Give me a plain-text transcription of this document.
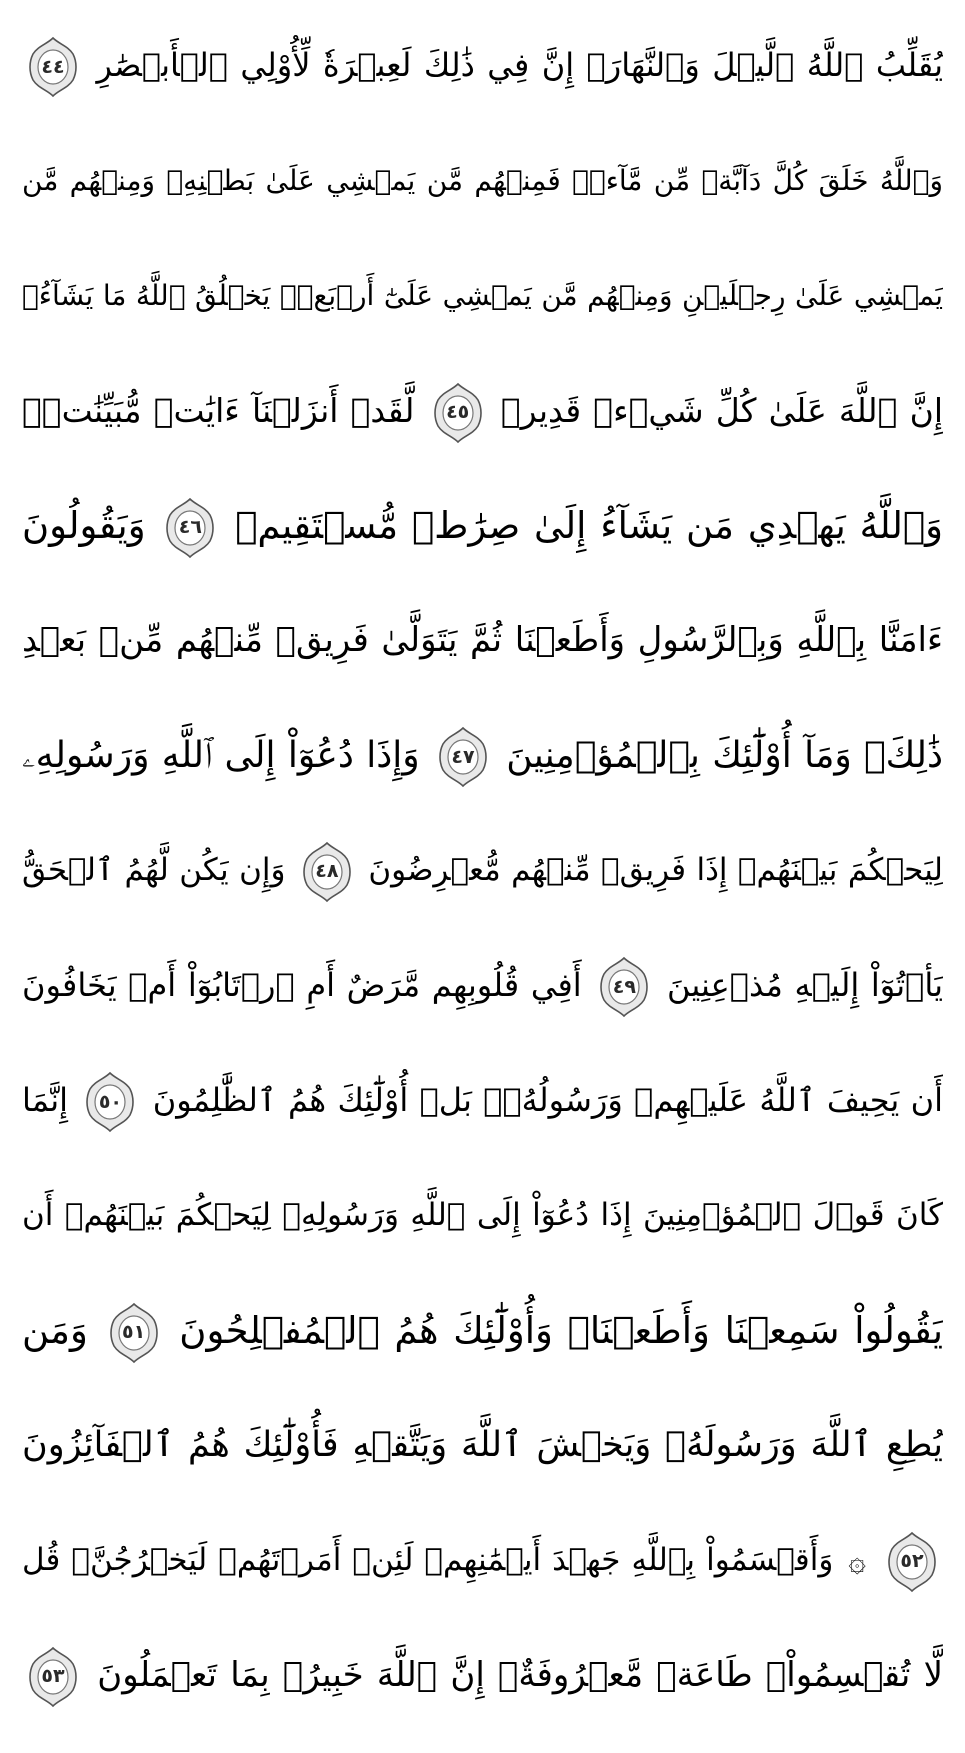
يُقَلِّبُ ٱللَّهُ ٱلَّيۡلَ وَٱلنَّهَارَۚ إِنَّ فِي ذَٰلِكَ لَعِبۡرَةٗ لِّأُوْلِي ٱلۡأَبۡصَٰرِ
٤٤
وَٱللَّهُ خَلَقَ كُلَّ دَآبَّةٖ مِّن مَّآءٖۖ فَمِنۡهُم مَّن يَمۡشِي عَلَىٰ بَطۡنِهِۦ وَمِنۡهُم مَّن
يَمۡشِي عَلَىٰ رِجۡلَيۡنِ وَمِنۡهُم مَّن يَمۡشِي عَلَىٰٓ أَرۡبَعٖۚ يَخۡلُقُ ٱللَّهُ مَا يَشَآءُۚ
إِنَّ ٱللَّهَ عَلَىٰ كُلِّ شَيۡءٖ قَدِيرٞ
٤٥
لَّقَدۡ أَنزَلۡنَآ ءَايَٰتٖ مُّبَيِّنَٰتٖۚ
وَٱللَّهُ يَهۡدِي مَن يَشَآءُ إِلَىٰ صِرَٰطٖ مُّسۡتَقِيمٖ
٤٦
وَيَقُولُونَ
ءَامَنَّا بِٱللَّهِ وَبِٱلرَّسُولِ وَأَطَعۡنَا ثُمَّ يَتَوَلَّىٰ فَرِيقٞ مِّنۡهُم مِّنۢ بَعۡدِ
ذَٰلِكَۚ وَمَآ أُوْلَٰٓئِكَ بِٱلۡمُؤۡمِنِينَ
٤٧
وَإِذَا دُعُوٓاْ إِلَى ٱللَّهِ وَرَسُولِهِۦ
لِيَحۡكُمَ بَيۡنَهُمۡ إِذَا فَرِيقٞ مِّنۡهُم مُّعۡرِضُونَ
٤٨
وَإِن يَكُن لَّهُمُ ٱلۡحَقُّ
يَأۡتُوٓاْ إِلَيۡهِ مُذۡعِنِينَ
٤٩
أَفِي قُلُوبِهِم مَّرَضٌ أَمِ ٱرۡتَابُوٓاْ أَمۡ يَخَافُونَ
أَن يَحِيفَ ٱللَّهُ عَلَيۡهِمۡ وَرَسُولُهُۥۚ بَلۡ أُوْلَٰٓئِكَ هُمُ ٱلظَّٰلِمُونَ
٥٠
إِنَّمَا
كَانَ قَوۡلَ ٱلۡمُؤۡمِنِينَ إِذَا دُعُوٓاْ إِلَى ٱللَّهِ وَرَسُولِهِۦ لِيَحۡكُمَ بَيۡنَهُمۡ أَن
يَقُولُواْ سَمِعۡنَا وَأَطَعۡنَاۚ وَأُوْلَٰٓئِكَ هُمُ ٱلۡمُفۡلِحُونَ
٥١
وَمَن
يُطِعِ ٱللَّهَ وَرَسُولَهُۥ وَيَخۡشَ ٱللَّهَ وَيَتَّقۡهِ فَأُوْلَٰٓئِكَ هُمُ ٱلۡفَآئِزُونَ
٥٢
۞ وَأَقۡسَمُواْ بِٱللَّهِ جَهۡدَ أَيۡمَٰنِهِمۡ لَئِنۡ أَمَرۡتَهُمۡ لَيَخۡرُجُنَّۖ قُل
لَّا تُقۡسِمُواْۖ طَاعَةٞ مَّعۡرُوفَةٌۚ إِنَّ ٱللَّهَ خَبِيرُۢ بِمَا تَعۡمَلُونَ
٥٣
